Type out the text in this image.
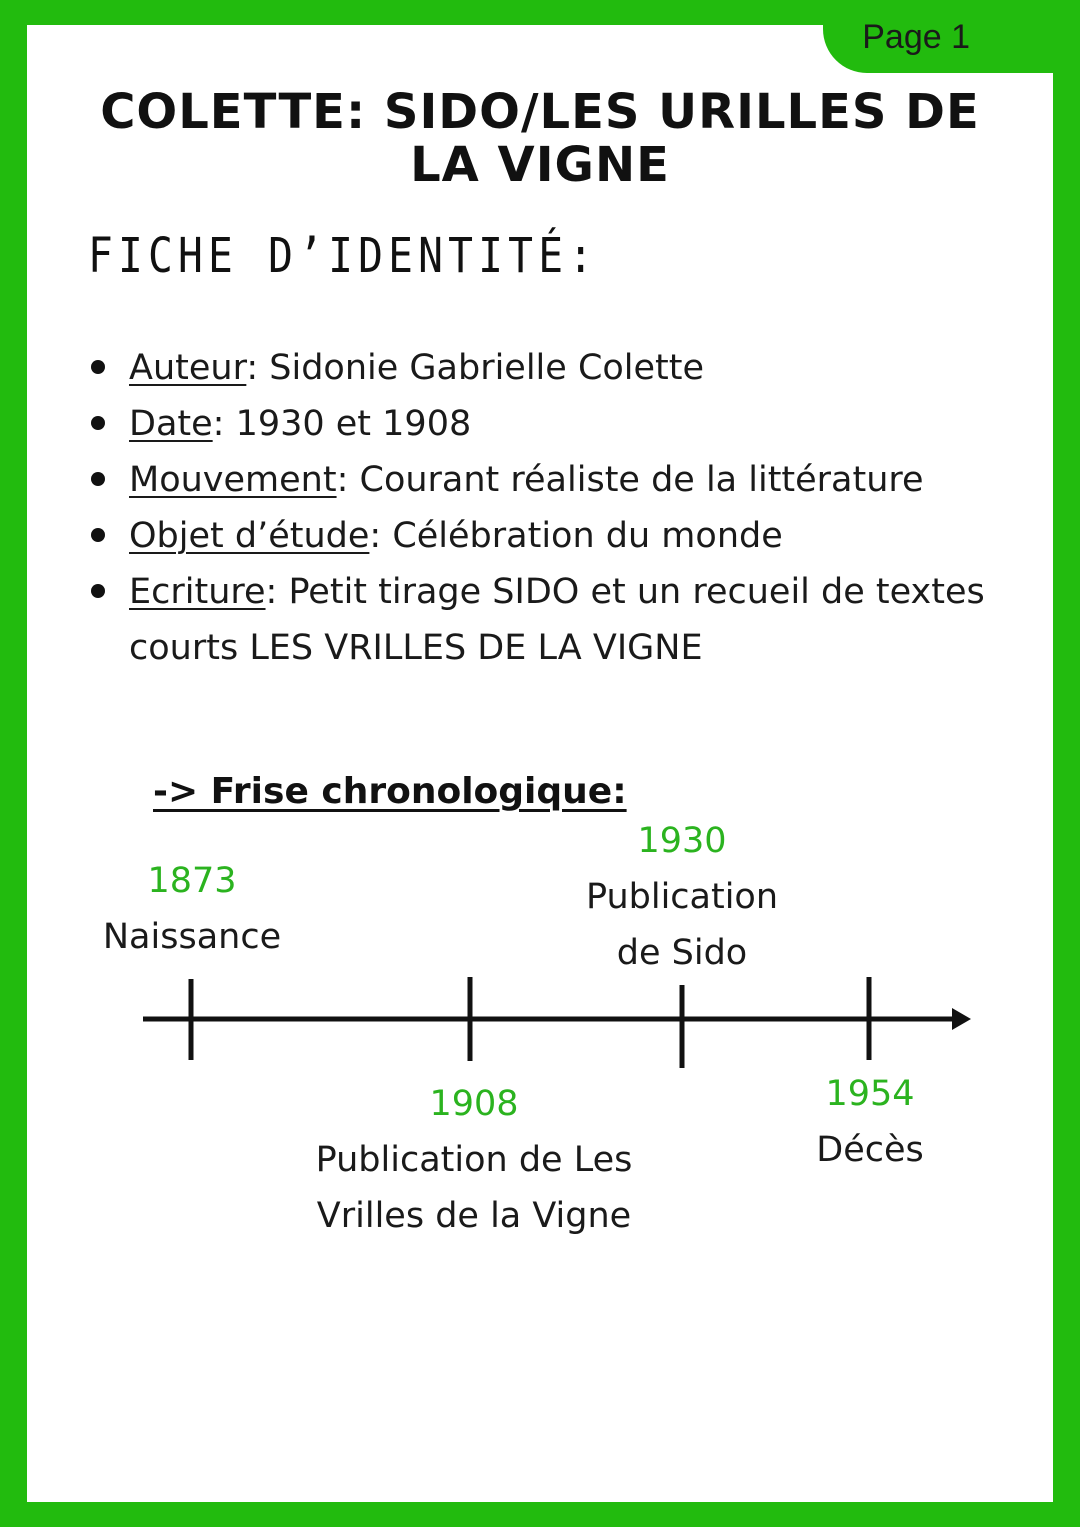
Page 1
COLETTE: SIDO/LES URILLES DE
LA VIGNE
FICHE D’IDENTITÉ:
Auteur: Sidonie Gabrielle Colette
Date: 1930 et 1908
Mouvement: Courant réaliste de la littérature
Objet d’étude: Célébration du monde
Ecriture: Petit tirage SIDO et un recueil de textes courts LES VRILLES DE LA VIGNE
-> Frise chronologique:
1873
Naissance
1908
Publication de Les
Vrilles de la Vigne
1930
Publication
de Sido
1954
Décès
